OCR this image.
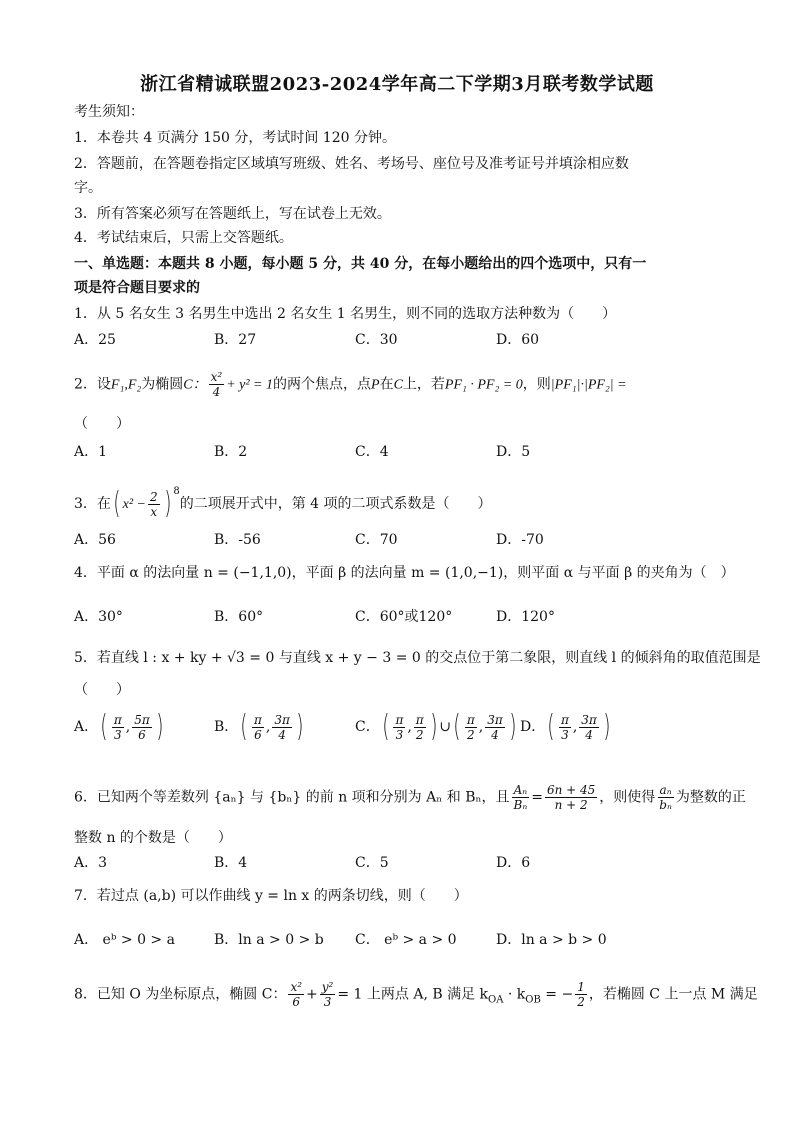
浙江省精诚联盟2023-2024学年高二下学期3月联考数学试题
考生须知：
1．本卷共 4 页满分 150 分，考试时间 120 分钟。
2．答题前，在答题卷指定区域填写班级、姓名、考场号、座位号及准考证号并填涂相应数
字。
3．所有答案必须写在答题纸上，写在试卷上无效。
4．考试结束后，只需上交答题纸。
一、单选题：本题共 8 小题，每小题 5 分，共 40 分，在每小题给出的四个选项中，只有一
项是符合题目要求的
1．从 5 名女生 3 名男生中选出 2 名女生 1 名男生，则不同的选取方法种数为（　　）
A．25	B．27	C．30	D．60
2．设F₁,F₂为椭圆C： $\frac{\text{x²}}{4} + y^2 = 1$的两个焦点，点P在C上，若PF₁ · PF₂ = 0，则|PF₁|·|PF₂| =
（　　）
A．1	B．2	C．4	D．5
3．在( $x^2 - \frac{2}{x}$ ) $^8$的二项展开式中，第 4 项的二项式系数是（　　）
A．56	B．-56	C．70	D．-70
4．平面 α 的法向量 n = (−1,1,0)，平面 β 的法向量 m = (1,0,−1)，则平面 α 与平面 β 的夹角为（　）
A．30°	B．60°	C．60°或120°	D．120°
5．若直线 l : x + ky + √3 = 0 与直线 x + y − 3 = 0 的交点位于第二象限，则直线 l 的倾斜角的取值范围是
（　　）
A．( $\frac{\pi}{3}$ , $\frac{5\pi}{6}$ )	B．( $\frac{\pi}{6}$ , $\frac{3\pi}{4}$ )	C．( $\frac{\pi}{3}$ , $\frac{\pi}{2}$ ) ∪( $\frac{\pi}{2}$ , $\frac{3\pi}{4}$ ) D．( $\frac{\pi}{3}$ , $\frac{3\pi}{4}$ )
6．已知两个等差数列 {aₙ} 与 {bₙ} 的前 n 项和分别为 Aₙ 和 Bₙ，且 $\frac{\text{Aₙ}}{\text{Bₙ}} = \frac{6n + 45}{n + 2}$ ，则使得 $\frac{\text{aₙ}}{\text{bₙ}}$ 为整数的正
整数 n 的个数是（　　）
A．3	B．4	C．5	D．6
7．若过点 (a,b) 可以作曲线 y = ln x 的两条切线，则（　　）
A． eᵇ > 0 > a	B．ln a > 0 > b C． eᵇ > a > 0	D．ln a > b > 0
8．已知 O 为坐标原点，椭圆 C： $\frac{\text{x²}}{6} + \frac{\text{y²}}{3} = 1$ 上两点 A, B 满足 $k_{OA} \cdot k_{OB}$ = − $\frac{1}{2}$ ，若椭圆 C 上一点 M 满足
